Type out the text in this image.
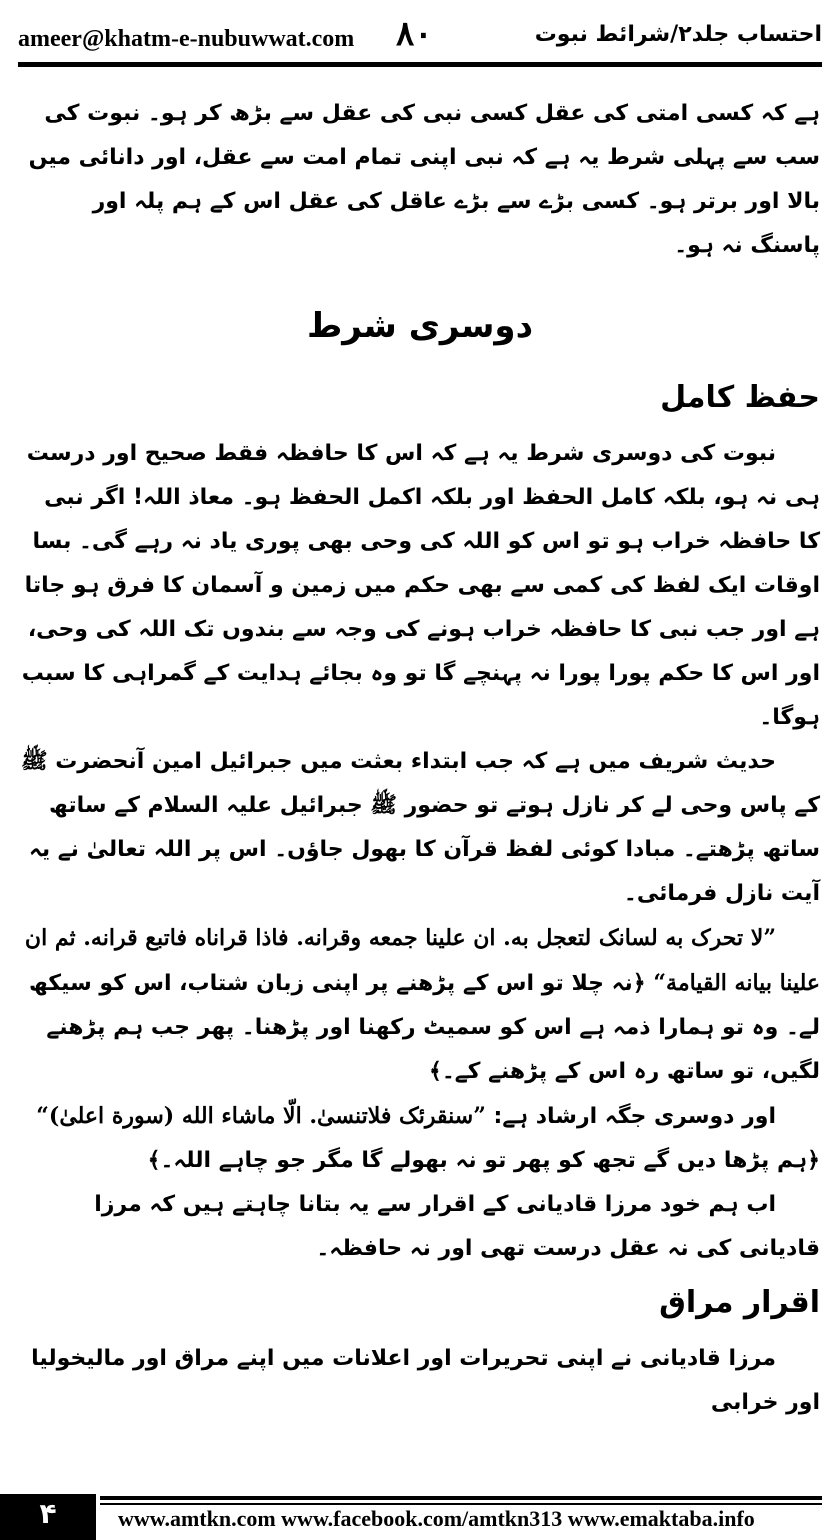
ameer@khatm-e-nubuwwat.com ۸۰	احتساب جلد۲/شرائط نبوت

ہے کہ کسی امتی کی عقل کسی نبی کی عقل سے بڑھ کر ہو۔ نبوت کی سب سے پہلی شرط یہ ہے کہ نبی اپنی تمام امت سے عقل، اور دانائی میں بالا اور برتر ہو۔ کسی بڑے سے بڑے عاقل کی عقل اس کے ہم پلہ اور پاسنگ نہ ہو۔

دوسری شرط
حفظ کامل

نبوت کی دوسری شرط یہ ہے کہ اس کا حافظہ فقط صحیح اور درست ہی نہ ہو، بلکہ کامل الحفظ اور بلکہ اکمل الحفظ ہو۔ معاذ اللہ! اگر نبی کا حافظہ خراب ہو تو اس کو اللہ کی وحی بھی پوری یاد نہ رہے گی۔ بسا اوقات ایک لفظ کی کمی سے بھی حکم میں زمین و آسمان کا فرق ہو جاتا ہے اور جب نبی کا حافظہ خراب ہونے کی وجہ سے بندوں تک اللہ کی وحی، اور اس کا حکم پورا پورا نہ پہنچے گا تو وہ بجائے ہدایت کے گمراہی کا سبب ہوگا۔

حدیث شریف میں ہے کہ جب ابتداء بعثت میں جبرائیل امین آنحضرت ﷺ کے پاس وحی لے کر نازل ہوتے تو حضور ﷺ جبرائیل علیہ السلام کے ساتھ ساتھ پڑھتے۔ مبادا کوئی لفظ قرآن کا بھول جاؤں۔ اس پر اللہ تعالیٰ نے یہ آیت نازل فرمائی۔

”لا تحرک به لسانک لتعجل به. ان علینا جمعه وقرانه. فاذا قراناه فاتبع قرانه. ثم ان علینا بیانه القیامة“ ﴿نہ چلا تو اس کے پڑھنے پر اپنی زبان شتاب، اس کو سیکھ لے۔ وہ تو ہمارا ذمہ ہے اس کو سمیٹ رکھنا اور پڑھنا۔ پھر جب ہم پڑھنے لگیں، تو ساتھ رہ اس کے پڑھنے کے۔﴾

اور دوسری جگہ ارشاد ہے: ”سنقرئک فلاتنسیٰ. الّا ماشاء الله (سورة اعلیٰ)“ ﴿ہم پڑھا دیں گے تجھ کو پھر تو نہ بھولے گا مگر جو چاہے اللہ۔﴾

اب ہم خود مرزا قادیانی کے اقرار سے یہ بتانا چاہتے ہیں کہ مرزا قادیانی کی نہ عقل درست تھی اور نہ حافظہ۔

اقرار مراق

مرزا قادیانی نے اپنی تحریرات اور اعلانات میں اپنے مراق اور مالیخولیا اور خرابی

۴	www.amtkn.com www.facebook.com/amtkn313 www.emaktaba.info
